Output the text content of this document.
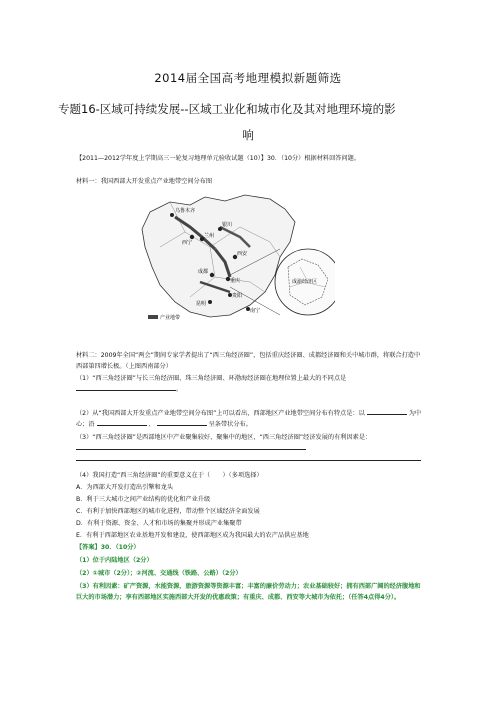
2014届全国高考地理模拟新题筛选
专题16-区域可持续发展--区域工业化和城市化及其对地理环境的影
响
【2011—2012学年度上学期高三一轮复习地理单元验收试题（10）】30．（10分）根据材料回答问题。
材料一：我国西部大开发重点产业地带空间分布图
乌鲁木齐
银川
兰州
西宁
西安
成都
重庆
贵阳
昆明
南宁
产业地带
成渝经济区
材料二：2009年全国“两会”期间专家学者提出了“西三角经济圈”，包括重庆经济圈、成都经济圈和关中城市群，将联合打造中西部第四增长极。（上图西南部分）
（1）“西三角经济圈”与长三角经济圈、珠三角经济圈、环渤海经济圈在地理位置上最大的不同点是 。
（2）从“我国西部大开发重点产业地带空间分布图”上可以看出，西部地区产业地带空间分布有特点是：以	为中心；沿	、	呈条带状分布。
（3）“西三角经济圈”是西部地区中产业聚集较好、聚集中的地区，“西三角经济圈”经济发展的有利因素是：
（4）我国打造“西三角经济圈”的重要意义在于（　　）（多项选择）
A．为西部大开发打造出引擎和龙头
B．利于三大城市之间产业结构的优化和产业升级
C．有利于加快西部地区的城市化进程，带动整个区域经济全面发展
D．有利于资源、资金、人才和市场的集聚并形成产业集聚带
E．有利于西部地区农业基地开发和建设，使西部地区成为我国最大的农产品供应基地
【答案】30．（10分）
（1）位于内陆地区（2分）
（2）①城市（2分）；②河流、交通线（铁路、公路）（2分）
（3）有利因素：矿产资源，水能资源，旅游资源等资源丰富；丰富的廉价劳动力；农业基础较好；拥有西部广阔的经济腹地和巨大的市场潜力；享有西部地区实施西部大开发的优惠政策；有重庆、成都、西安等大城市为依托；（任答4点得4分）。
